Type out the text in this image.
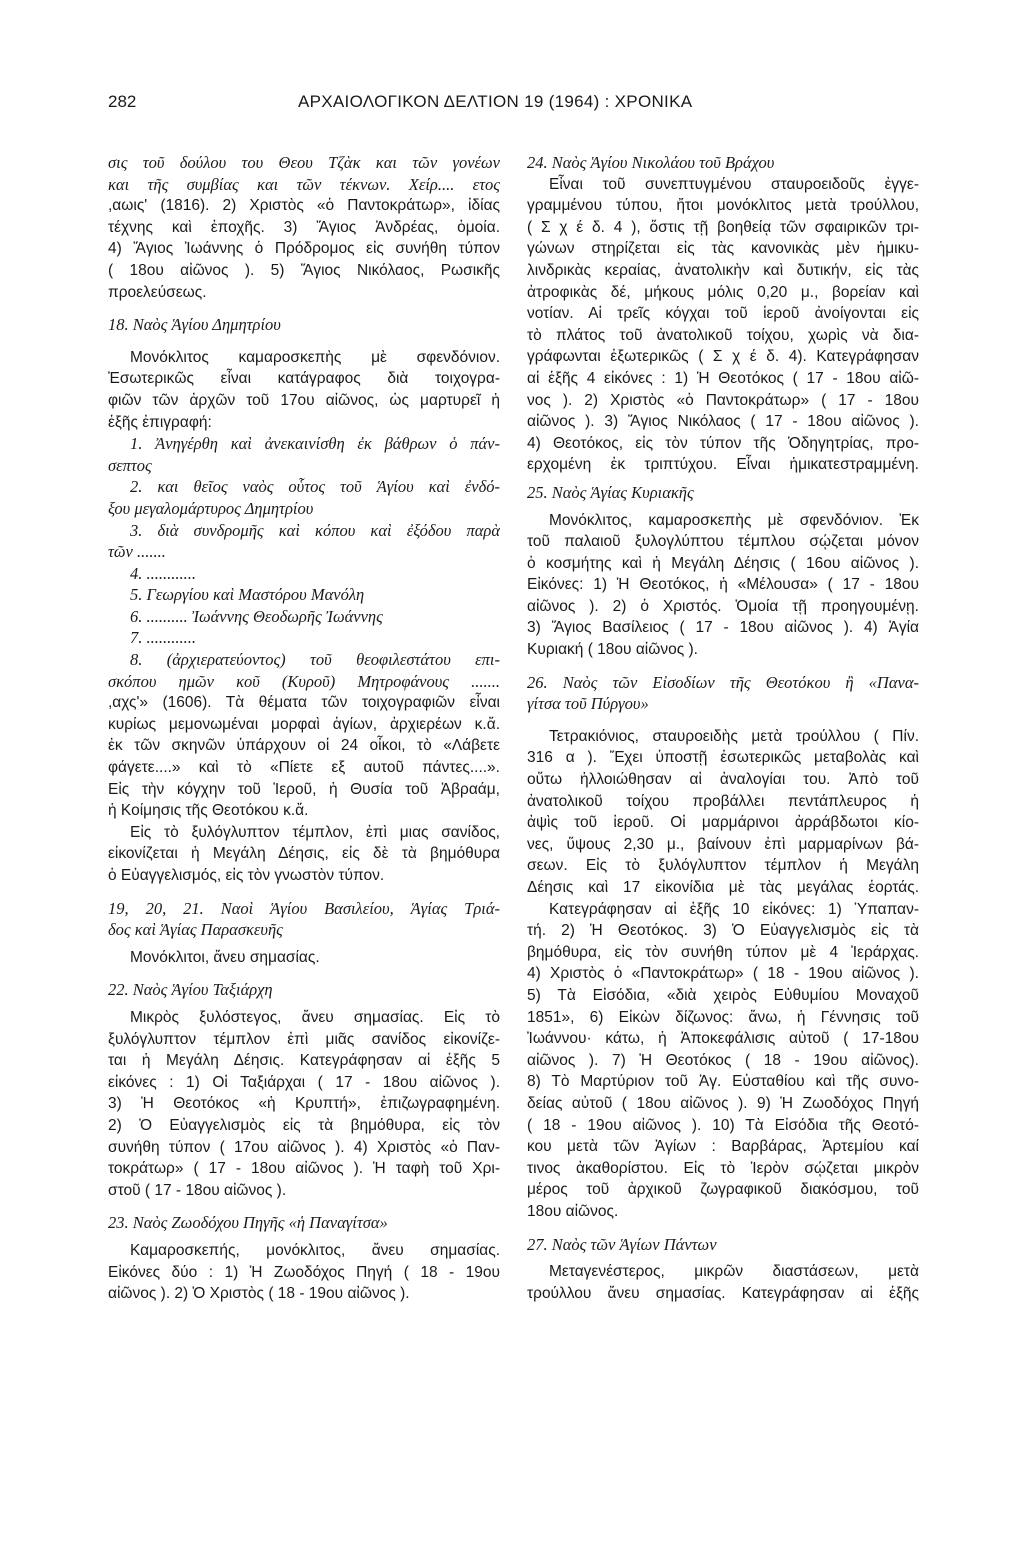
282	ΑΡΧΑΙΟΛΟΓΙΚΟΝ ΔΕΛΤΙΟΝ 19 (1964) : ΧΡΟΝΙΚΑ
σις τοῦ δούλου του Θεου Τζὰκ και τῶν γονέων
και τῆς συμβίας και τῶν τέκνων. Χείρ.... ετος
,αωις' (1816). 2) Χριστὸς «ὁ Παντοκράτωρ», ἰδίας
τέχνης καὶ ἐποχῆς. 3) Ἅγιος Ἀνδρέας, ὁμοία.
4) Ἅγιος Ἰωάννης ὁ Πρόδρομος εἰς συνήθη τύπον
( 18ου αἰῶνος ). 5) Ἅγιος Νικόλαος, Ρωσικῆς
προελεύσεως.
18. Ναὸς Ἁγίου Δημητρίου
Μονόκλιτος καμαροσκεπὴς μὲ σφενδόνιον.
Ἐσωτερικῶς εἶναι κατάγραφος διὰ τοιχογρα-
φιῶν τῶν ἀρχῶν τοῦ 17ου αἰῶνος, ὡς μαρτυρεῖ ἡ
ἑξῆς ἐπιγραφή:
1. Ἀνηγέρθη καὶ ἀνεκαινίσθη ἐκ βάθρων ὁ πάν-
σεπτος
2. και θεῖος ναὸς οὗτος τοῦ Ἁγίου καὶ ἐνδό-
ξου μεγαλομάρτυρος Δημητρίου
3. διὰ συνδρομῆς καὶ κόπου καὶ ἐξόδου παρὰ
τῶν .......
4. ............
5. Γεωργίου καὶ Μαστόρου Μανόλη
6. .......... Ἰωάννης Θεοδωρῆς Ἰωάννης
7. ............
8. (ἀρχιερατεύοντος) τοῦ θεοφιλεστάτου επι-
σκόπου ημῶν κοῦ (Κυροῦ) Μητροφάνους .......
,αχς'» (1606). Τὰ θέματα τῶν τοιχογραφιῶν εἶναι
κυρίως μεμονωμέναι μορφαὶ ἁγίων, ἀρχιερέων κ.ἄ.
ἐκ τῶν σκηνῶν ὑπάρχουν οἱ 24 οἶκοι, τὸ «Λάβετε
φάγετε....» καὶ τὸ «Πίετε εξ αυτοῦ πάντες....».
Εἰς τὴν κόγχην τοῦ Ἱεροῦ, ἡ Θυσία τοῦ Ἀβραάμ,
ἡ Κοίμησις τῆς Θεοτόκου κ.ἄ.
Εἰς τὸ ξυλόγλυπτον τέμπλον, ἐπὶ μιας σανίδος,
εἰκονίζεται ἡ Μεγάλη Δέησις, εἰς δὲ τὰ βημόθυρα
ὁ Εὐαγγελισμός, εἰς τὸν γνωστὸν τύπον.
19, 20, 21. Ναοὶ Ἁγίου Βασιλείου, Ἁγίας Τριά-
δος καὶ Ἁγίας Παρασκευῆς
Μονόκλιτοι, ἄνευ σημασίας.
22. Ναὸς Ἁγίου Ταξιάρχη
Μικρὸς ξυλόστεγος, ἄνευ σημασίας. Εἰς τὸ
ξυλόγλυπτον τέμπλον ἐπὶ μιᾶς σανίδος εἰκονίζε-
ται ἡ Μεγάλη Δέησις. Κατεγράφησαν αἱ ἑξῆς 5
εἰκόνες : 1) Οἱ Ταξιάρχαι ( 17 - 18ου αἰῶνος ).
3) Ἡ Θεοτόκος «ἡ Κρυπτή», ἐπιζωγραφημένη.
2) Ὁ Εὐαγγελισμὸς εἰς τὰ βημόθυρα, εἰς τὸν
συνήθη τύπον ( 17ου αἰῶνος ). 4) Χριστὸς «ὁ Παν-
τοκράτωρ» ( 17 - 18ου αἰῶνος ). Ἡ ταφὴ τοῦ Χρι-
στοῦ ( 17 - 18ου αἰῶνος ).
23. Ναὸς Ζωοδόχου Πηγῆς «ἡ Παναγίτσα»
Καμαροσκεπής, μονόκλιτος, ἄνευ σημασίας.
Εἰκόνες δύο : 1) Ἡ Ζωοδόχος Πηγή ( 18 - 19ου
αἰῶνος ). 2) Ὁ Χριστὸς ( 18 - 19ου αἰῶνος ).
24. Ναὸς Ἁγίου Νικολάου τοῦ Βράχου
Εἶναι τοῦ συνεπτυγμένου σταυροειδοῦς ἐγγε-
γραμμένου τύπου, ἤτοι μονόκλιτος μετὰ τρούλλου,
( Σ χ έ δ. 4 ), ὅστις τῇ βοηθείᾳ τῶν σφαιρικῶν τρι-
γώνων στηρίζεται εἰς τὰς κανονικὰς μὲν ἡμικυ-
λινδρικὰς κεραίας, ἀνατολικὴν καὶ δυτικήν, εἰς τὰς
ἀτροφικὰς δέ, μήκους μόλις 0,20 μ., βορείαν καὶ
νοτίαν. Αἱ τρεῖς κόγχαι τοῦ ἱεροῦ ἀνοίγονται εἰς
τὸ πλάτος τοῦ ἀνατολικοῦ τοίχου, χωρὶς νὰ δια-
γράφωνται ἐξωτερικῶς ( Σ χ έ δ. 4). Κατεγράφησαν
αἱ ἑξῆς 4 εἰκόνες : 1) Ἡ Θεοτόκος ( 17 - 18ου αἰῶ-
νος ). 2) Χριστὸς «ὁ Παντοκράτωρ» ( 17 - 18ου
αἰῶνος ). 3) Ἅγιος Νικόλαος ( 17 - 18ου αἰῶνος ).
4) Θεοτόκος, εἰς τὸν τύπον τῆς Ὁδηγητρίας, προ-
ερχομένη ἐκ τριπτύχου. Εἶναι ἡμικατεστραμμένη.
25. Ναὸς Ἁγίας Κυριακῆς
Μονόκλιτος, καμαροσκεπὴς μὲ σφενδόνιον. Ἐκ
τοῦ παλαιοῦ ξυλογλύπτου τέμπλου σῴζεται μόνον
ὁ κοσμήτης καὶ ἡ Μεγάλη Δέησις ( 16ου αἰῶνος ).
Εἰκόνες: 1) Ἡ Θεοτόκος, ἡ «Μέλουσα» ( 17 - 18ου
αἰῶνος ). 2) ὁ Χριστός. Ὁμοία τῇ προηγουμένῃ.
3) Ἅγιος Βασίλειος ( 17 - 18ου αἰῶνος ). 4) Ἁγία
Κυριακή ( 18ου αἰῶνος ).
26. Ναὸς τῶν Εἰσοδίων τῆς Θεοτόκου ἢ «Πανα-
γίτσα τοῦ Πύργου»
Τετρακιόνιος, σταυροειδὴς μετὰ τρούλλου ( Πίν.
316 α ). Ἔχει ὑποστῇ ἐσωτερικῶς μεταβολὰς καὶ
οὕτω ἠλλοιώθησαν αἱ ἀναλογίαι του. Ἀπὸ τοῦ
ἀνατολικοῦ τοίχου προβάλλει πεντάπλευρος ἡ
ἀψὶς τοῦ ἱεροῦ. Οἱ μαρμάρινοι ἀρράβδωτοι κίο-
νες, ὕψους 2,30 μ., βαίνουν ἐπὶ μαρμαρίνων βά-
σεων. Εἰς τὸ ξυλόγλυπτον τέμπλον ἡ Μεγάλη
Δέησις καὶ 17 εἰκονίδια μὲ τὰς μεγάλας ἑορτάς.
Κατεγράφησαν αἱ ἑξῆς 10 εἰκόνες: 1) Ὑπαπαν-
τή. 2) Ἡ Θεοτόκος. 3) Ὁ Εὐαγγελισμὸς εἰς τὰ
βημόθυρα, εἰς τὸν συνήθη τύπον μὲ 4 Ἱεράρχας.
4) Χριστὸς ὁ «Παντοκράτωρ» ( 18 - 19ου αἰῶνος ).
5) Τὰ Εἰσόδια, «διὰ χειρὸς Εὐθυμίου Μοναχοῦ
1851», 6) Εἰκὼν δίζωνος: ἄνω, ἡ Γέννησις τοῦ
Ἰωάννου· κάτω, ἡ Ἀποκεφάλισις αὐτοῦ ( 17-18ου
αἰῶνος ). 7) Ἡ Θεοτόκος ( 18 - 19ου αἰῶνος).
8) Τὸ Μαρτύριον τοῦ Ἁγ. Εὐσταθίου καὶ τῆς συνο-
δείας αὐτοῦ ( 18ου αἰῶνος ). 9) Ἡ Ζωοδόχος Πηγή
( 18 - 19ου αἰῶνος ). 10) Τὰ Εἰσόδια τῆς Θεοτό-
κου μετὰ τῶν Ἁγίων : Βαρβάρας, Ἀρτεμίου καί
τινος ἀκαθορίστου. Εἰς τὸ Ἱερὸν σῴζεται μικρὸν
μέρος τοῦ ἀρχικοῦ ζωγραφικοῦ διακόσμου, τοῦ
18ου αἰῶνος.
27. Ναὸς τῶν Ἁγίων Πάντων
Μεταγενέστερος, μικρῶν διαστάσεων, μετὰ
τρούλλου ἄνευ σημασίας. Κατεγράφησαν αἱ ἑξῆς
